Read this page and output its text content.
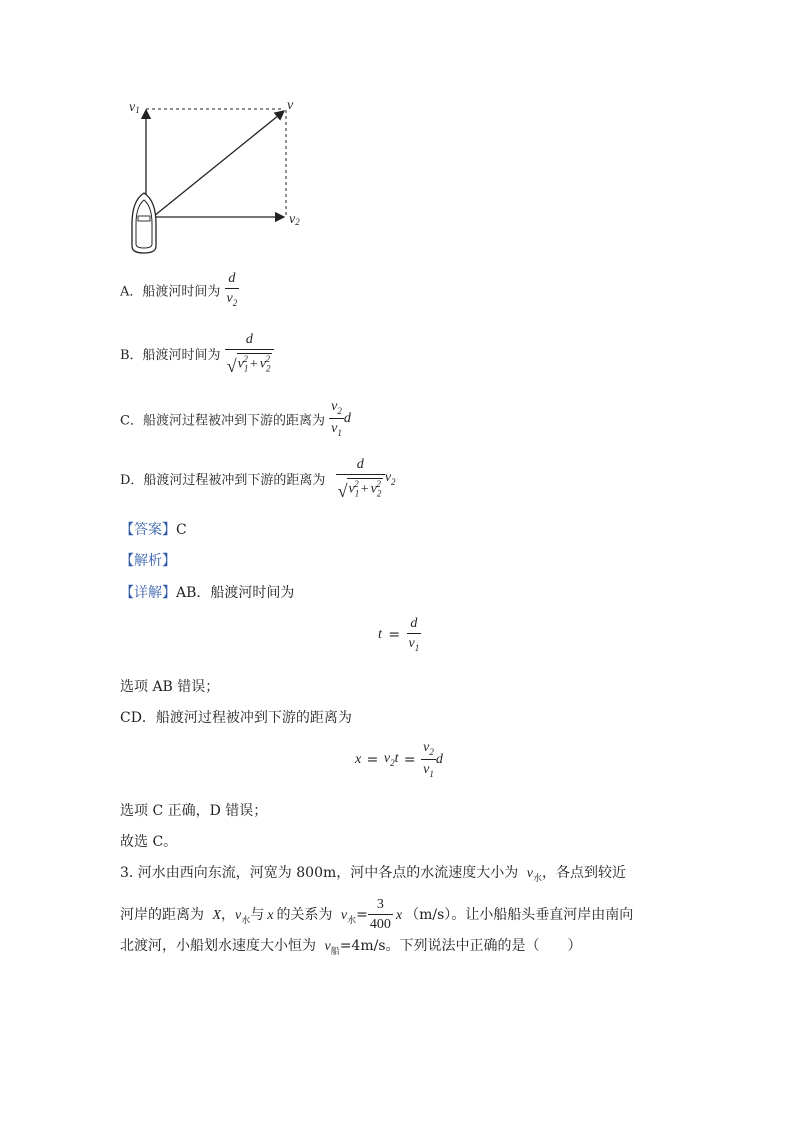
v1	v
v2
A．船渡河时间为 $\frac{d}{v_2}$
B．船渡河时间为 $\frac{d}{√ v_1^2 + v_2^2}$
C．船渡河过程被冲到下游的距离为 $\frac{v_2}{v_1}$ d
D．船渡河过程被冲到下游的距离为 $\frac{d}{√ v_1^2 + v_2^2} v_2$
【答案】C
【解析】
【详解】AB．船渡河时间为
$t = \frac{d}{v_1}$
选项 AB 错误；
CD．船渡河过程被冲到下游的距离为
$x = v_2t = \frac{v_2}{v_1}$ d
选项 C 正确，D 错误；
故选 C。
3. 河水由西向东流，河宽为 800m，河中各点的水流速度大小为 $v_水$，各点到较近
河岸的距离为 X，$v_水$与 x 的关系为 $v_水= \frac{3}{400}$ x （m/s）。让小船船头垂直河岸由南向
北渡河，小船划水速度大小恒为 $v_船=4m/s$。下列说法中正确的是（　　）
